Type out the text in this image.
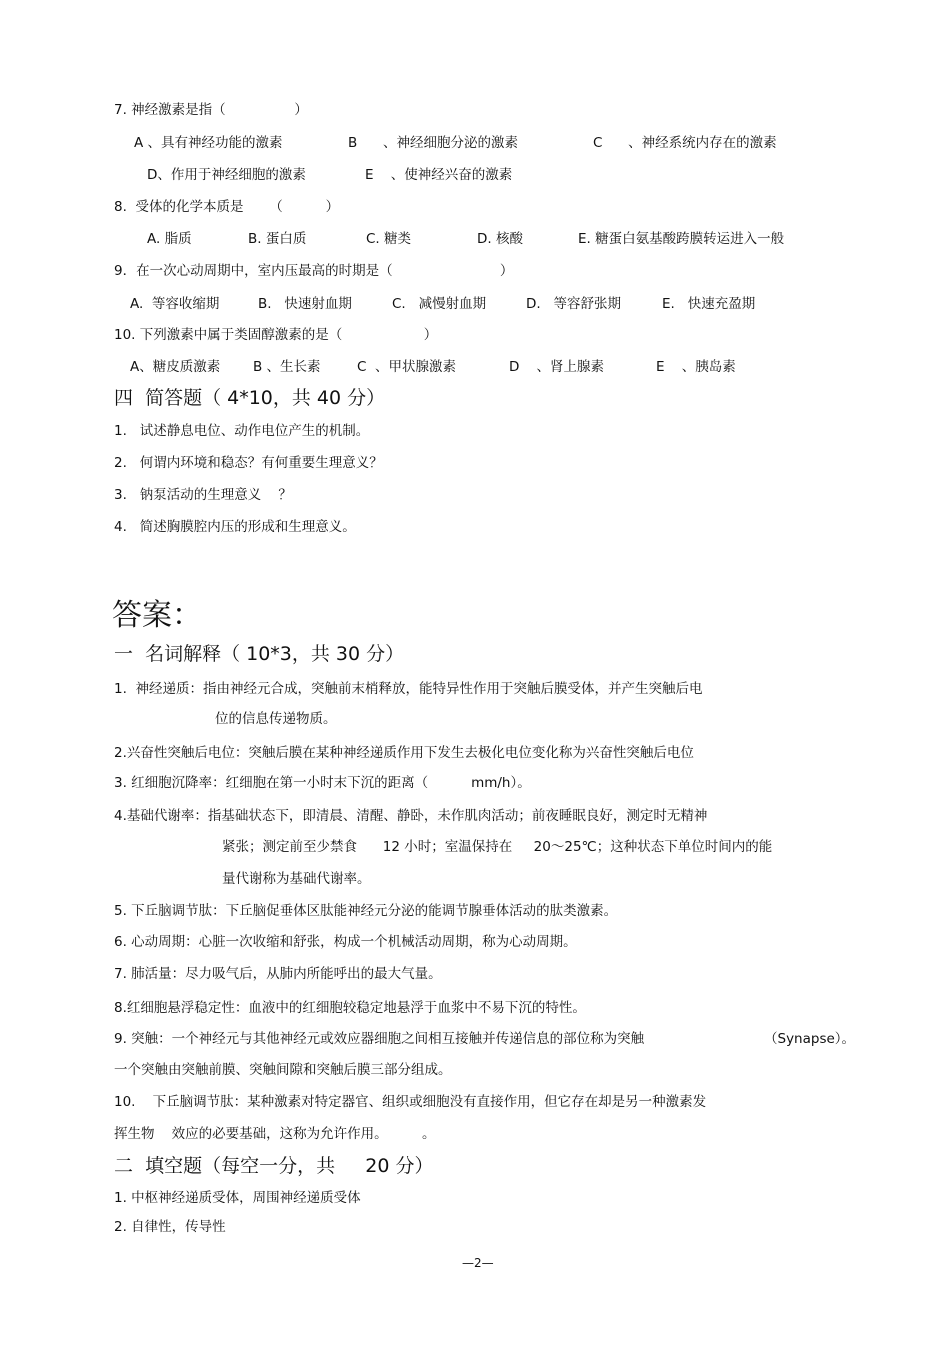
7. 神经激素是指（                ）
A 、具有神经功能的激素	B      、神经细胞分泌的激素	C      、神经系统内存在的激素
D、作用于神经细胞的激素	E    、使神经兴奋的激素
8.  受体的化学本质是      （          ）
A. 脂质	B. 蛋白质	C. 糖类	D. 核酸	E. 糖蛋白氨基酸跨膜转运进入一般
9．在一次心动周期中，室内压最高的时期是（                         ）
A.  等容收缩期	B.   快速射血期	C.   减慢射血期	D.   等容舒张期	E.   快速充盈期
10. 下列激素中属于类固醇激素的是（                   ）
A、糖皮质激素 B 、生长素	C  、甲状腺激素	D    、肾上腺素	E    、胰岛素
四  简答题（ 4*10，共 40 分）
1.   试述静息电位、动作电位产生的机制。
2.   何谓内环境和稳态？有何重要生理意义？
3.   钠泵活动的生理意义    ？
4.   简述胸膜腔内压的形成和生理意义。
答案：
一  名词解释（ 10*3，共 30 分）
1.  神经递质：指由神经元合成，突触前末梢释放，能特异性作用于突触后膜受体，并产生突触后电
位的信息传递物质。
2.兴奋性突触后电位：突触后膜在某种神经递质作用下发生去极化电位变化称为兴奋性突触后电位
3. 红细胞沉降率：红细胞在第一小时末下沉的距离（          mm/h）。
4.基础代谢率：指基础状态下，即清晨、清醒、静卧，未作肌肉活动；前夜睡眠良好，测定时无精神
紧张；测定前至少禁食      12 小时；室温保持在     20～25℃；这种状态下单位时间内的能
量代谢称为基础代谢率。
5. 下丘脑调节肽：下丘脑促垂体区肽能神经元分泌的能调节腺垂体活动的肽类激素。
6. 心动周期：心脏一次收缩和舒张，构成一个机械活动周期，称为心动周期。
7. 肺活量：尽力吸气后，从肺内所能呼出的最大气量。
8.红细胞悬浮稳定性：血液中的红细胞较稳定地悬浮于血浆中不易下沉的特性。
9. 突触：一个神经元与其他神经元或效应器细胞之间相互接触并传递信息的部位称为突触	（Synapse）。
一个突触由突触前膜、突触间隙和突触后膜三部分组成。
10.    下丘脑调节肽：某种激素对特定器官、组织或细胞没有直接作用，但它存在却是另一种激素发
挥生物    效应的必要基础，这称为允许作用。        。
二  填空题（每空一分，共     20 分）
1. 中枢神经递质受体，周围神经递质受体
2. 自律性，传导性
—2—
